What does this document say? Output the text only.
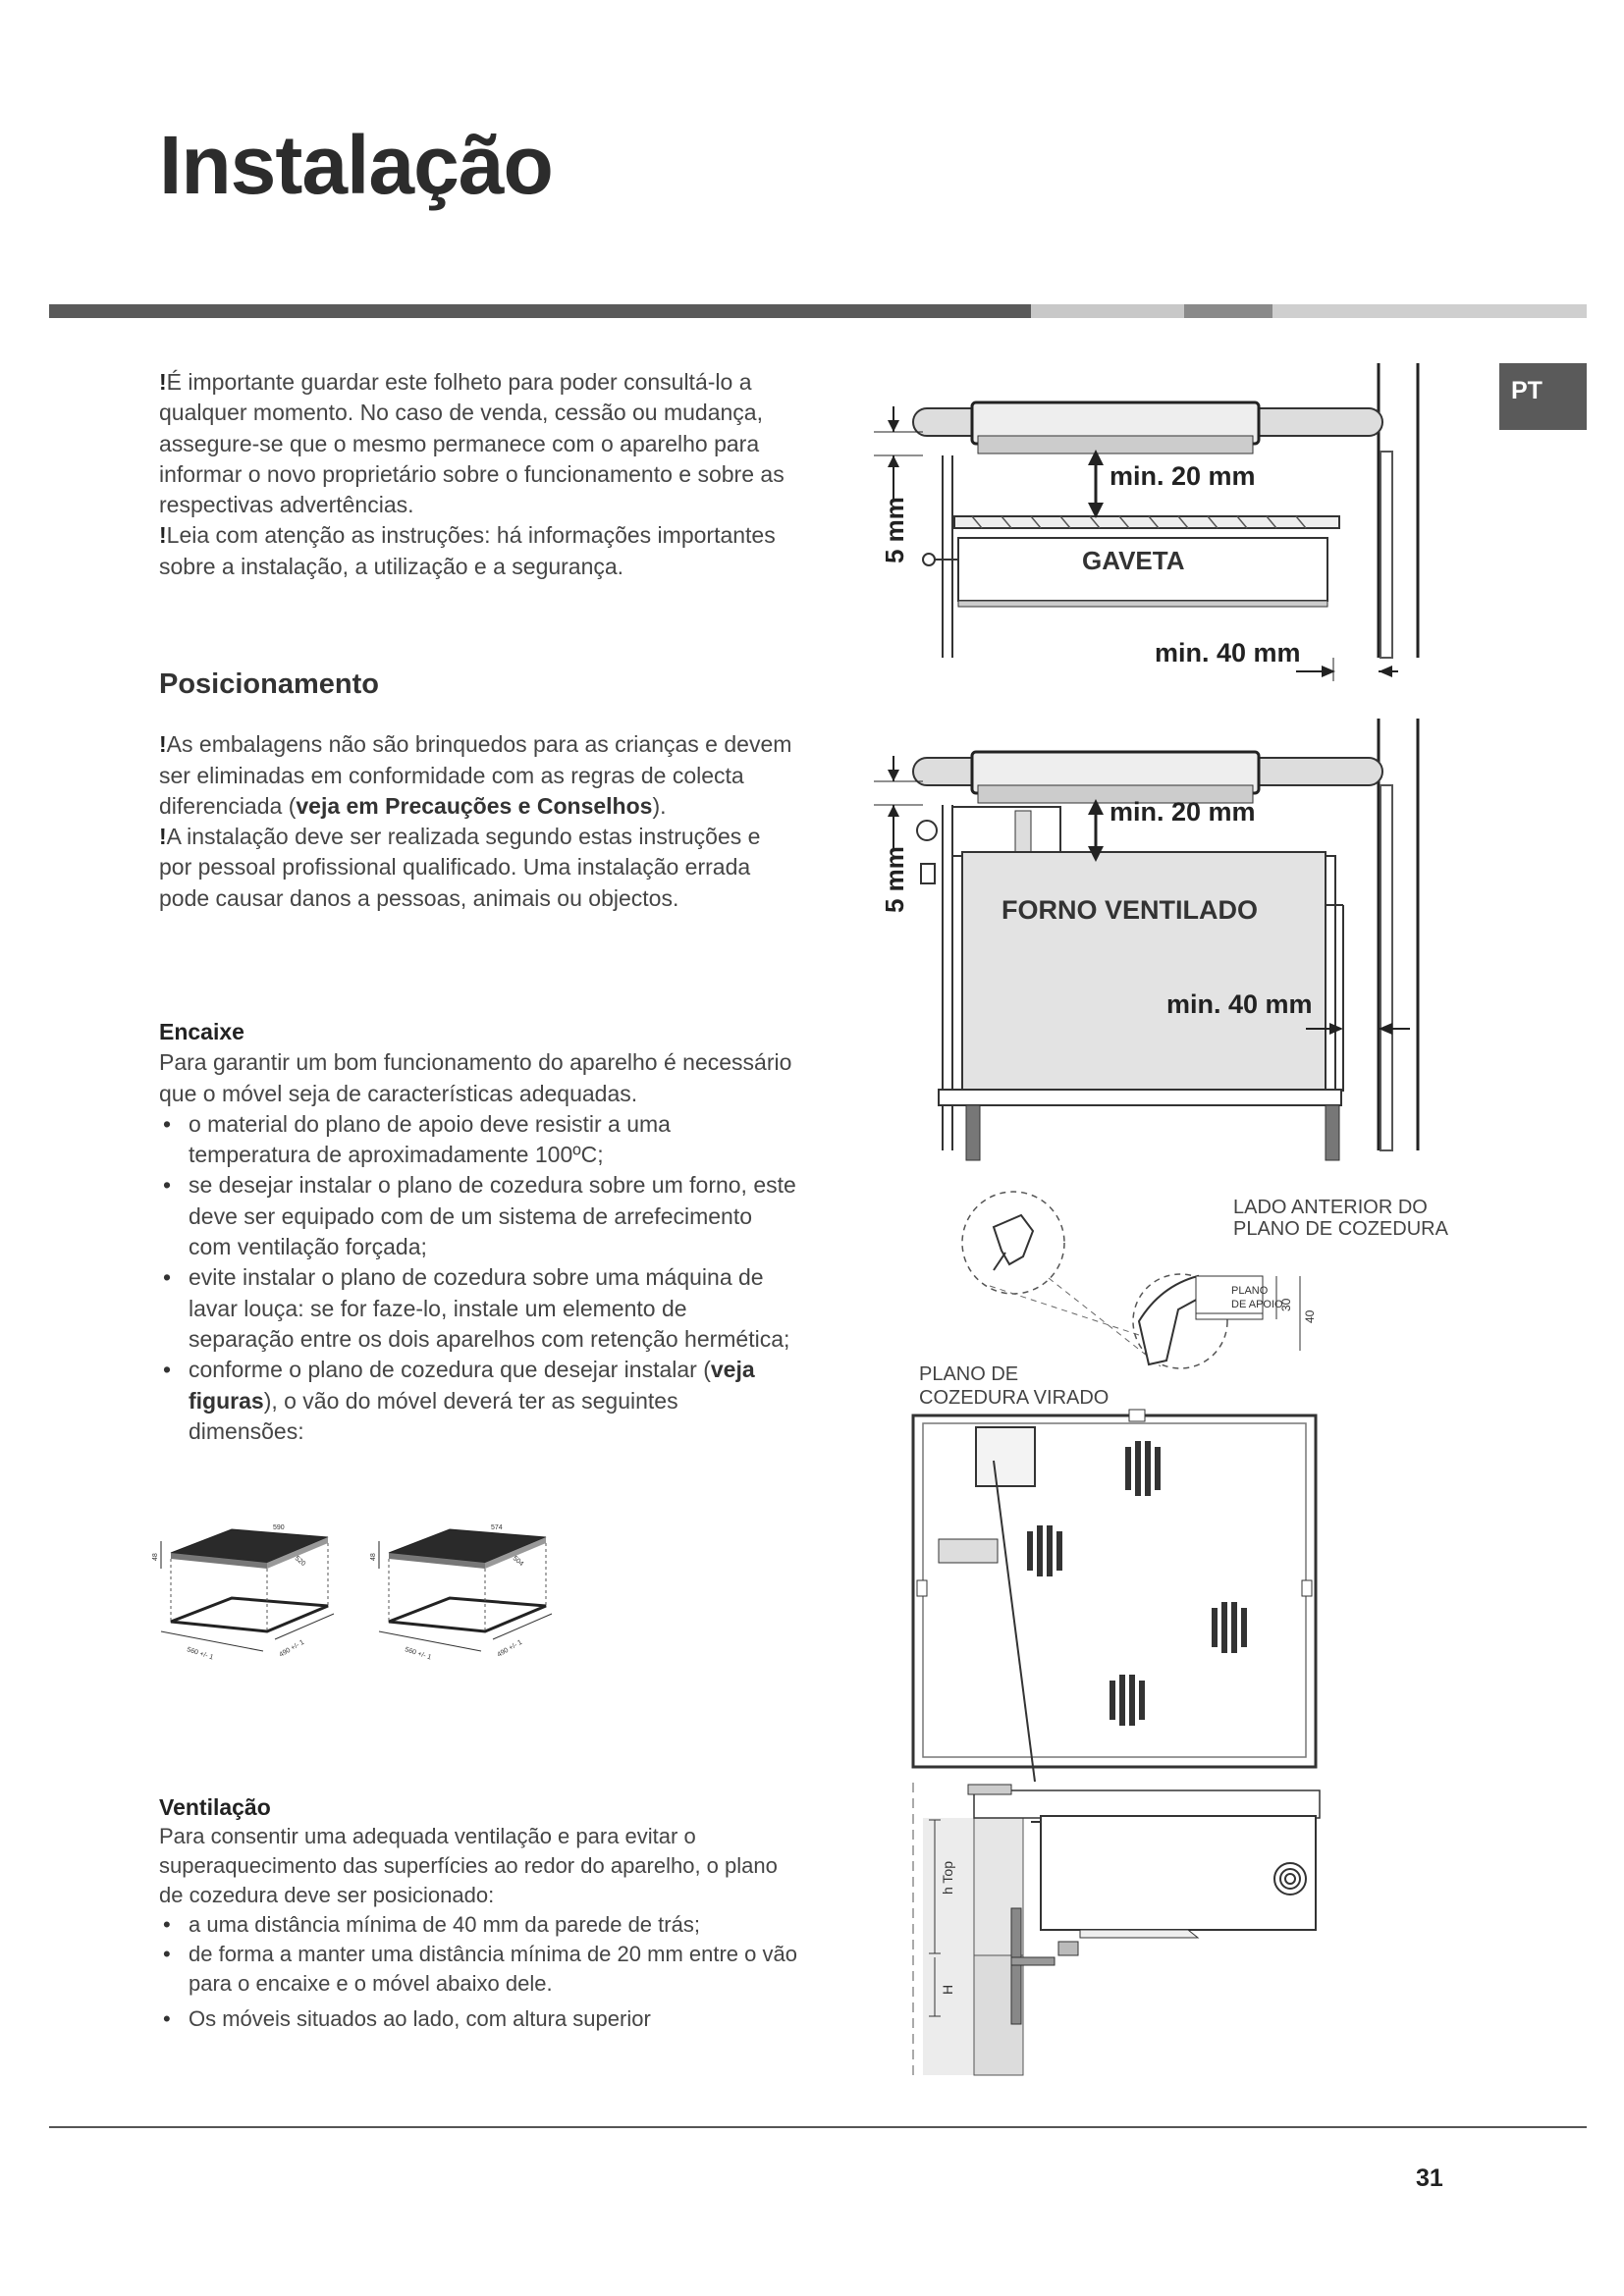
Instalação
PT

!É importante guardar este folheto para poder consultá-lo a qualquer momento. No caso de venda, cessão ou mudança, assegure-se que o mesmo permanece com o aparelho para informar o novo proprietário sobre o funcionamento e sobre as respectivas advertências.

!Leia com atenção as instruções: há informações importantes sobre a instalação, a utilização e a segurança.

Posicionamento

!As embalagens não são brinquedos para as crianças e devem ser eliminadas em conformidade com as regras de colecta diferenciada (veja em Precauções e Conselhos).

!A instalação deve ser realizada segundo estas instruções e por pessoal profissional qualificado. Uma instalação errada pode causar danos a pessoas, animais ou objectos.

Encaixe

Para garantir um bom funcionamento do aparelho é necessário que o móvel seja de características adequadas.

• o material do plano de apoio deve resistir a uma temperatura de aproximadamente 100ºC;
• se desejar instalar o plano de cozedura sobre um forno, este deve ser equipado com de um sistema de arrefecimento com ventilação forçada;
• evite instalar o plano de cozedura sobre uma máquina de lavar louça: se for faze-lo, instale um elemento de separação entre os dois aparelhos com retenção hermética;
• conforme o plano de cozedura que desejar instalar (veja figuras), o vão do móvel deverá ter as seguintes dimensões:
48
590
520
560 +/- 1	490 +/- 1
48
574
504
560 +/- 1	490 +/- 1
Ventilação

Para consentir uma adequada ventilação e para evitar o superaquecimento das superfícies ao redor do aparelho, o plano de cozedura deve ser posicionado:

• a uma distância mínima de 40 mm da parede de trás;
• de forma a manter uma distância mínima de 20 mm entre o vão para o encaixe e o móvel abaixo dele.
• Os móveis situados ao lado, com altura superior
min. 20 mm
GAVETA
min. 40 mm
5 mm
min. 20 mm
FORNO VENTILADO
min. 40 mm
5 mm
LADO ANTERIOR DO
PLANO DE COZEDURA
PLANO
DE APOIO
30
40
PLANO DE
COZEDURA VIRADO
h Top
H
31
